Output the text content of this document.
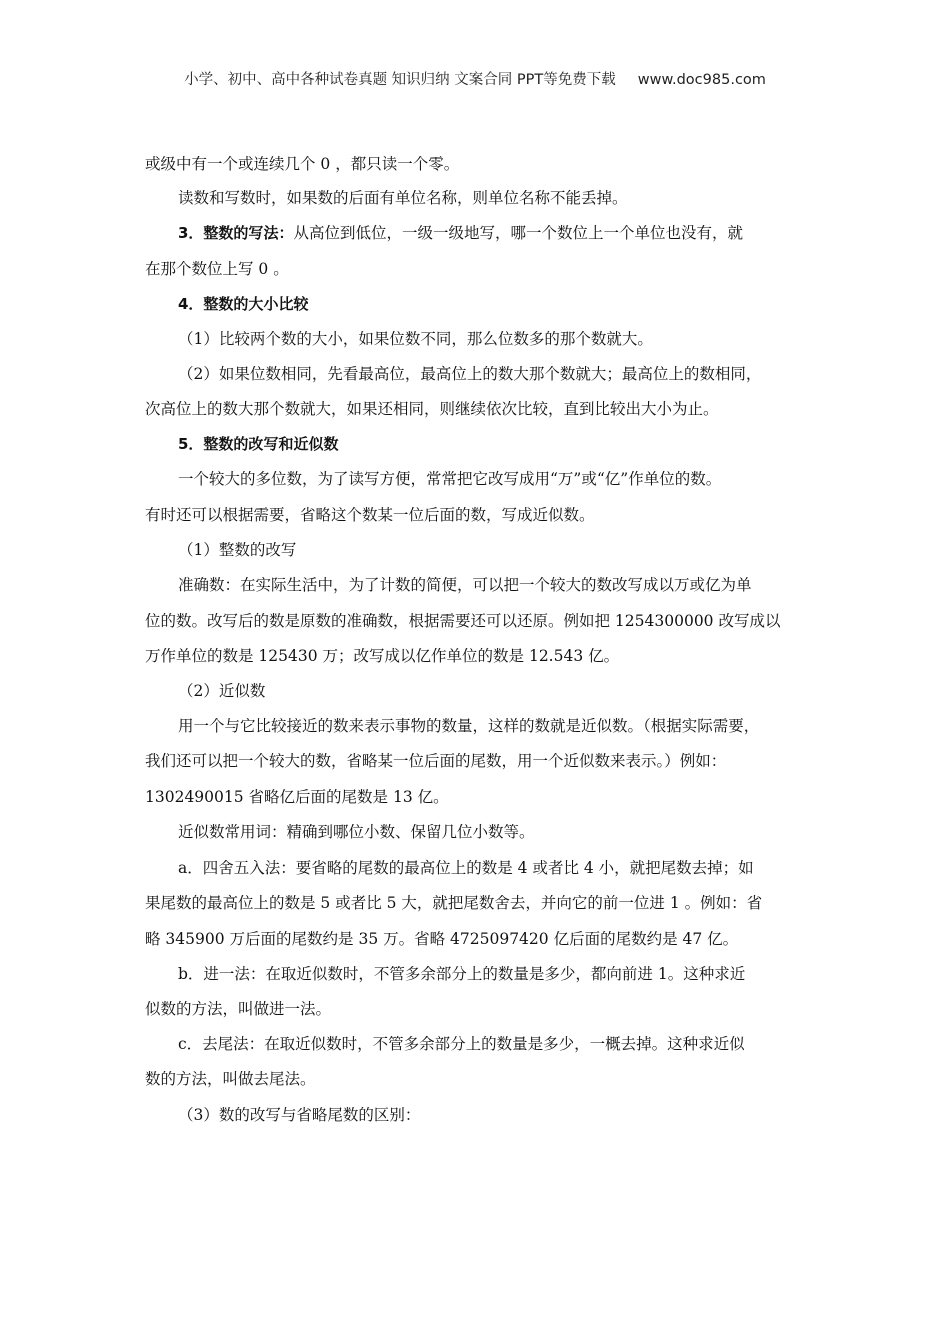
小学、初中、高中各种试卷真题 知识归纳 文案合同 PPT等免费下载 www.doc985.com
或级中有一个或连续几个 0 ，都只读一个零。
读数和写数时，如果数的后面有单位名称，则单位名称不能丢掉。
3．整数的写法：从高位到低位，一级一级地写，哪一个数位上一个单位也没有，就
在那个数位上写 0 。
4．整数的大小比较
（1）比较两个数的大小，如果位数不同，那么位数多的那个数就大。
（2）如果位数相同，先看最高位，最高位上的数大那个数就大；最高位上的数相同，
次高位上的数大那个数就大，如果还相同，则继续依次比较，直到比较出大小为止。
5．整数的改写和近似数
一个较大的多位数，为了读写方便，常常把它改写成用“万”或“亿”作单位的数。
有时还可以根据需要，省略这个数某一位后面的数，写成近似数。
（1）整数的改写
准确数：在实际生活中，为了计数的简便，可以把一个较大的数改写成以万或亿为单
位的数。改写后的数是原数的准确数，根据需要还可以还原。例如把 1254300000 改写成以
万作单位的数是 125430 万；改写成以亿作单位的数是 12.543 亿。
（2）近似数
用一个与它比较接近的数来表示事物的数量，这样的数就是近似数。（根据实际需要，
我们还可以把一个较大的数，省略某一位后面的尾数，用一个近似数来表示。）例如：
1302490015 省略亿后面的尾数是 13 亿。
近似数常用词：精确到哪位小数、保留几位小数等。
a．四舍五入法：要省略的尾数的最高位上的数是 4 或者比 4 小，就把尾数去掉；如
果尾数的最高位上的数是 5 或者比 5 大，就把尾数舍去，并向它的前一位进 1 。例如：省
略 345900 万后面的尾数约是 35 万。省略 4725097420 亿后面的尾数约是 47 亿。
b．进一法：在取近似数时，不管多余部分上的数量是多少，都向前进 1。这种求近
似数的方法，叫做进一法。
c．去尾法：在取近似数时，不管多余部分上的数量是多少，一概去掉。这种求近似
数的方法，叫做去尾法。
（3）数的改写与省略尾数的区别：
